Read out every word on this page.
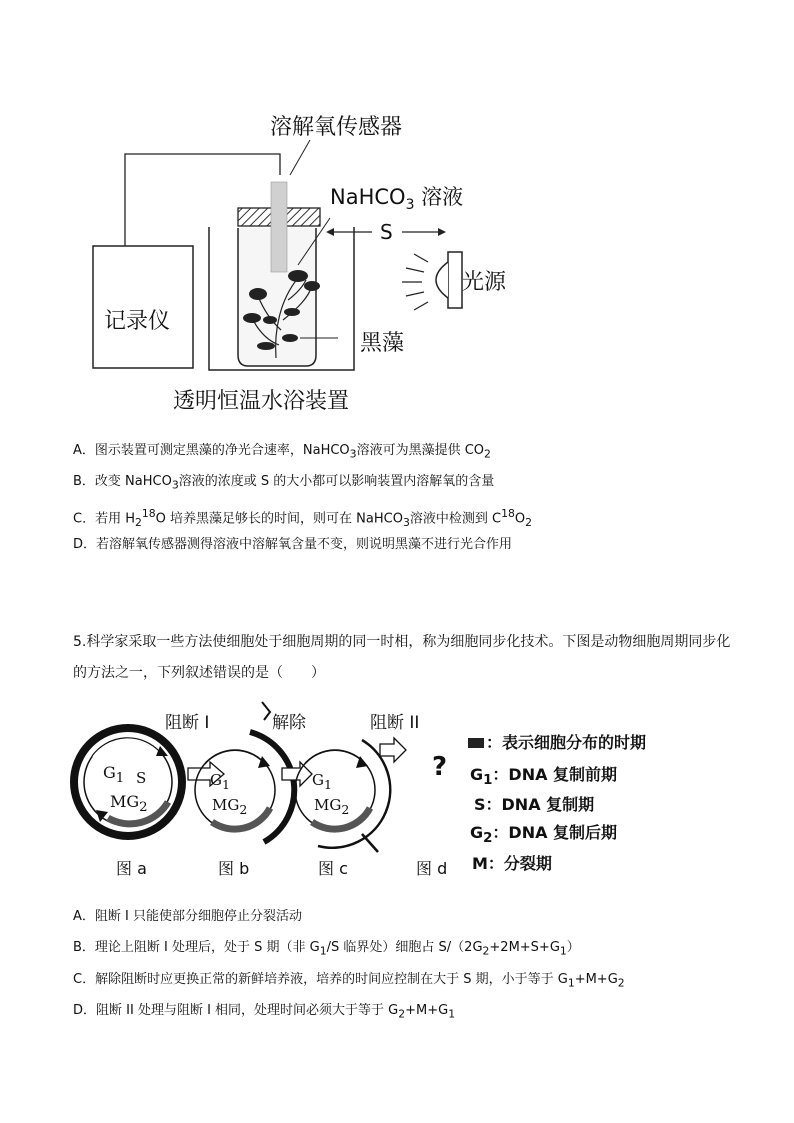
溶解氧传感器
NaHCO$_3$ 溶液
S
光源
记录仪
黑藻
透明恒温水浴装置
A．图示装置可测定黑藻的净光合速率，NaHCO$_3$溶液可为黑藻提供 $CO_2$
B．改变 NaHCO$_3$溶液的浓度或 S 的大小都可以影响装置内溶解氧的含量
C．若用 $H_2^{18}O$ 培养黑藻足够长的时间，则可在 NaHCO$_3$溶液中检测到 $C^{18}O_2$
D．若溶解氧传感器测得溶液中溶解氧含量不变，则说明黑藻不进行光合作用
5.科学家采取一些方法使细胞处于细胞周期的同一时相，称为细胞同步化技术。下图是动物细胞周期同步化
的方法之一，下列叙述错误的是（　　）
阻断 I	解除	阻断 II
?
$G_1$ S
$MG_2$
$G_1$
$MG_2$
$G_1$
$MG_2$
图 a	图 b	图 c	图 d
：表示细胞分布的时期
$G_1$：DNA 复制前期
S：DNA 复制期
$G_2$：DNA 复制后期
M：分裂期
A．阻断 I 只能使部分细胞停止分裂活动
B．理论上阻断 I 处理后，处于 S 期（非 $G_1/S$ 临界处）细胞占 $S/(2G_2+2M+S+G_1)$
C．解除阻断时应更换正常的新鲜培养液，培养的时间应控制在大于 S 期，小于等于 $G_1+M+G_2$
D．阻断 II 处理与阻断 I 相同，处理时间必须大于等于 $G_2+M+G_1$
